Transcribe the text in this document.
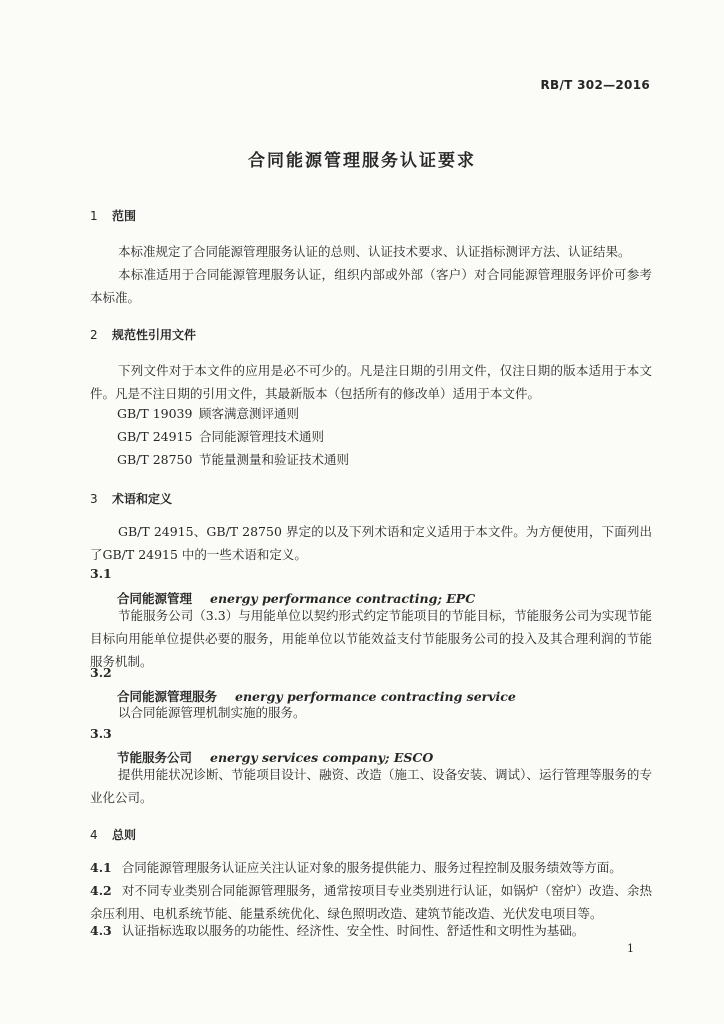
RB/T 302—2016
合同能源管理服务认证要求
1 范围
本标准规定了合同能源管理服务认证的总则、认证技术要求、认证指标测评方法、认证结果。
本标准适用于合同能源管理服务认证，组织内部或外部（客户）对合同能源管理服务评价可参考本标准。
2 规范性引用文件
下列文件对于本文件的应用是必不可少的。凡是注日期的引用文件，仅注日期的版本适用于本文件。凡是不注日期的引用文件，其最新版本（包括所有的修改单）适用于本文件。
GB/T 19039 顾客满意测评通则
GB/T 24915 合同能源管理技术通则
GB/T 28750 节能量测量和验证技术通则
3 术语和定义
GB/T 24915、GB/T 28750 界定的以及下列术语和定义适用于本文件。为方便使用，下面列出了GB/T 24915 中的一些术语和定义。
3.1
合同能源管理 energy performance contracting; EPC
节能服务公司（3.3）与用能单位以契约形式约定节能项目的节能目标，节能服务公司为实现节能目标向用能单位提供必要的服务，用能单位以节能效益支付节能服务公司的投入及其合理利润的节能服务机制。
3.2
合同能源管理服务 energy performance contracting service
以合同能源管理机制实施的服务。
3.3
节能服务公司 energy services company; ESCO
提供用能状况诊断、节能项目设计、融资、改造（施工、设备安装、调试）、运行管理等服务的专业化公司。
4 总则
4.1 合同能源管理服务认证应关注认证对象的服务提供能力、服务过程控制及服务绩效等方面。
4.2 对不同专业类别合同能源管理服务，通常按项目专业类别进行认证，如锅炉（窑炉）改造、余热余压利用、电机系统节能、能量系统优化、绿色照明改造、建筑节能改造、光伏发电项目等。
4.3 认证指标选取以服务的功能性、经济性、安全性、时间性、舒适性和文明性为基础。
1
